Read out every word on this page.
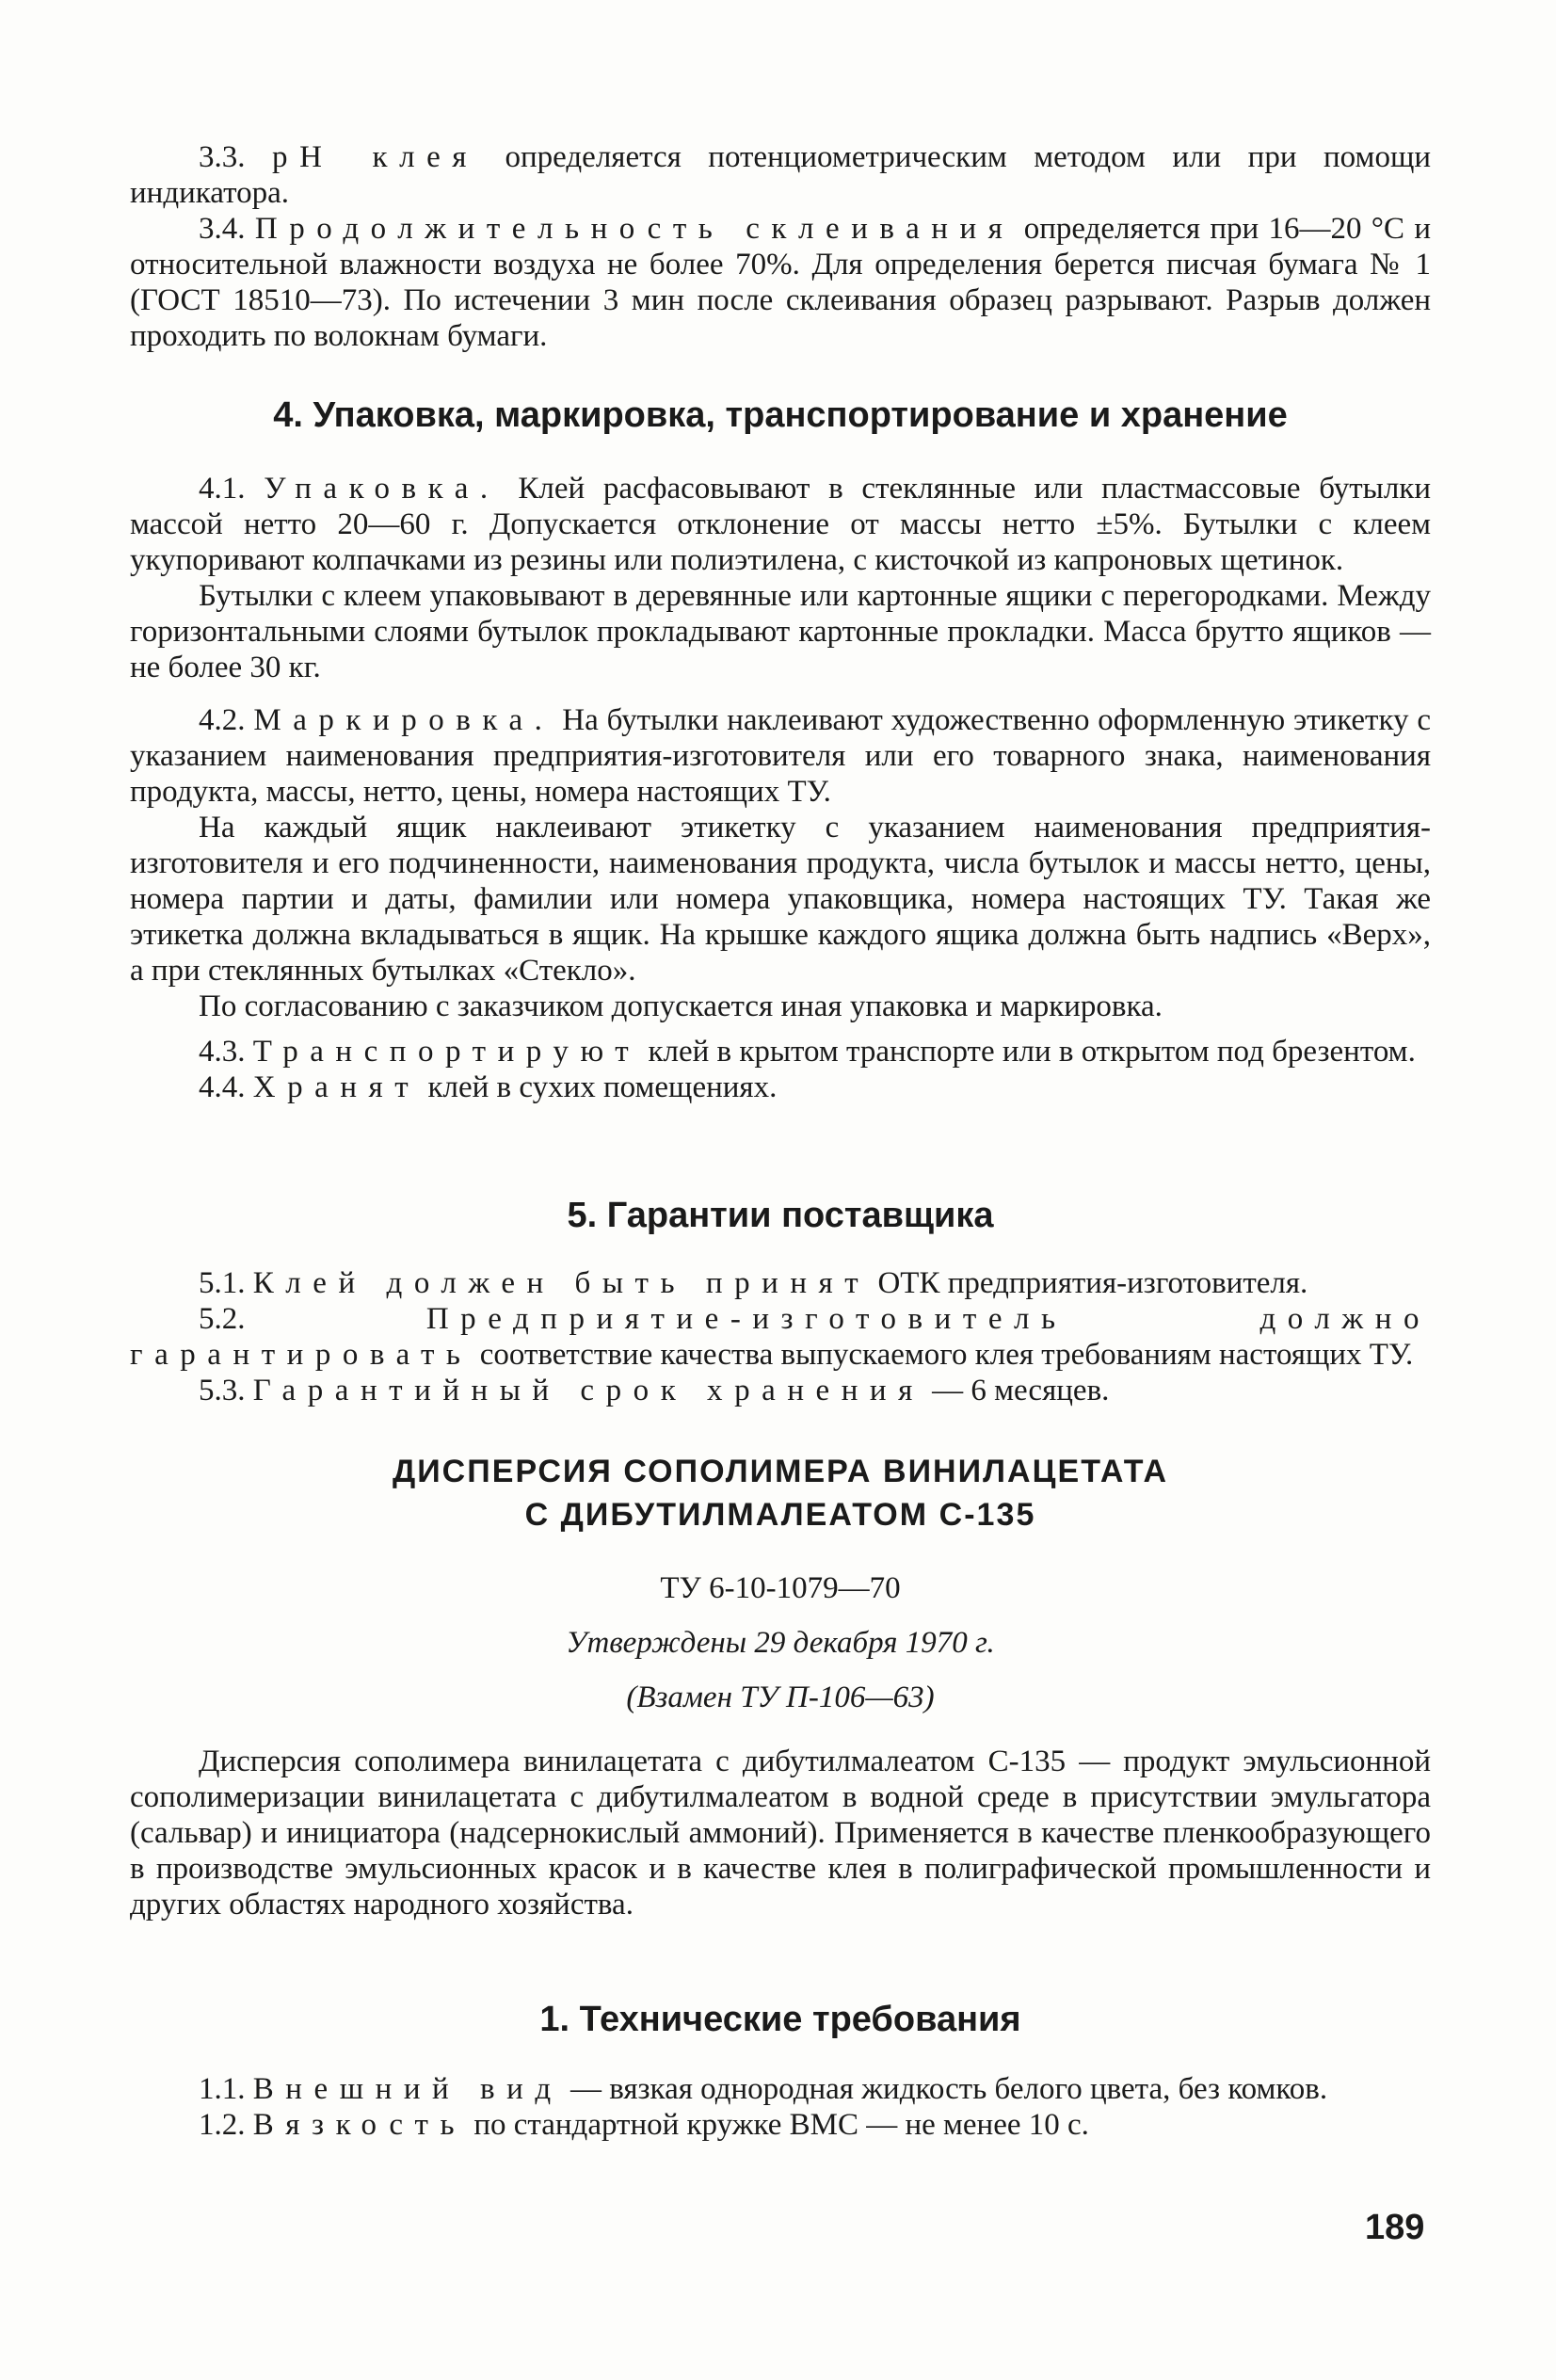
3.3. pH клея определяется потенциометрическим методом или при помощи индикатора.

3.4. Продолжительность склеивания определяется при 16—20 °С и относительной влажности воздуха не более 70%. Для определения берется писчая бумага № 1 (ГОСТ 18510—73). По истечении 3 мин после склеивания образец разрывают. Разрыв должен проходить по волокнам бумаги.

4. Упаковка, маркировка, транспортирование и хранение

4.1. Упаковка. Клей расфасовывают в стеклянные или пластмассовые бутылки массой нетто 20—60 г. Допускается отклонение от массы нетто ±5%. Бутылки с клеем укупоривают колпачками из резины или полиэтилена, с кисточкой из капроновых щетинок.

Бутылки с клеем упаковывают в деревянные или картонные ящики с перегородками. Между горизонтальными слоями бутылок прокладывают картонные прокладки. Масса брутто ящиков — не более 30 кг.

4.2. Маркировка. На бутылки наклеивают художественно оформленную этикетку с указанием наименования предприятия-изготовителя или его товарного знака, наименования продукта, массы, нетто, цены, номера настоящих ТУ.

На каждый ящик наклеивают этикетку с указанием наименования предприятия-изготовителя и его подчиненности, наименования продукта, числа бутылок и массы нетто, цены, номера партии и даты, фамилии или номера упаковщика, номера настоящих ТУ. Такая же этикетка должна вкладываться в ящик. На крышке каждого ящика должна быть надпись «Верх», а при стеклянных бутылках «Стекло».

По согласованию с заказчиком допускается иная упаковка и маркировка.

4.3. Транспортируют клей в крытом транспорте или в открытом под брезентом.

4.4. Хранят клей в сухих помещениях.

5. Гарантии поставщика

5.1. Клей должен быть принят ОТК предприятия-изготовителя.

5.2. Предприятие-изготовитель должно гарантировать соответствие качества выпускаемого клея требованиям настоящих ТУ.

5.3. Гарантийный срок хранения — 6 месяцев.

ДИСПЕРСИЯ СОПОЛИМЕРА ВИНИЛАЦЕТАТА
С ДИБУТИЛМАЛЕАТОМ С-135

ТУ 6-10-1079—70

Утверждены 29 декабря 1970 г.

(Взамен ТУ П-106—63)

Дисперсия сополимера винилацетата с дибутилмалеатом С-135 — продукт эмульсионной сополимеризации винилацетата с дибутилмалеатом в водной среде в присутствии эмульгатора (сальвар) и инициатора (надсернокислый аммоний). Применяется в качестве пленкообразующего в производстве эмульсионных красок и в качестве клея в полиграфической промышленности и других областях народного хозяйства.

1. Технические требования

1.1. Внешний вид — вязкая однородная жидкость белого цвета, без комков.

1.2. Вязкость по стандартной кружке ВМС — не менее 10 с.

189
